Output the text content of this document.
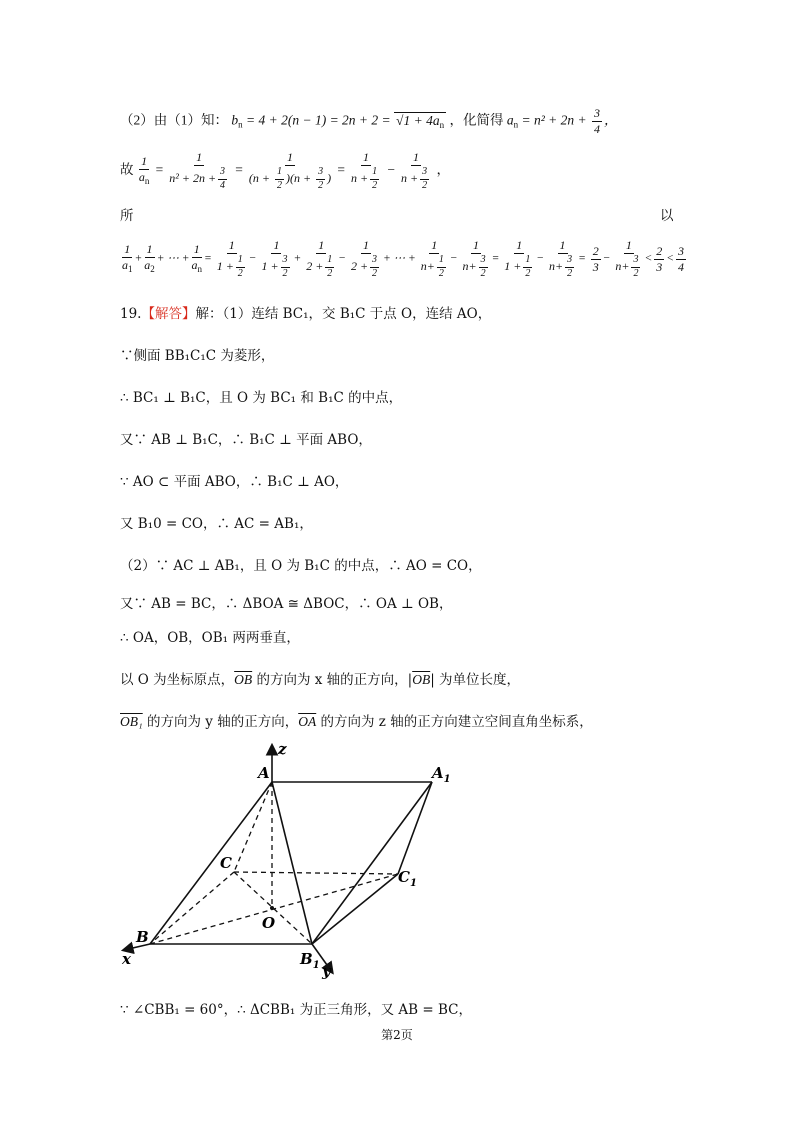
（2）由（1）知： $b_n = 4 + 2(n - 1) = 2n + 2 = √1 + 4a_n$ ，化简得 $a_n = n^2 + 2n + \frac{3}{4}$ ，
故 $\frac{1}{a_n} = \frac{1}{n^2 + 2n + \frac{3}{4}} = \frac{1}{(n + \frac{1}{2} )(n + \frac{3}{2} )} = \frac{1}{n + \frac{1}{2}} - \frac{1}{n + \frac{3}{2}}$ ，
所	以
$\frac{1}{a_1} + \frac{1}{a_2}$ + ⋯ + $\frac{1}{a_n} = \frac{1}{1 + \frac{1}{2}} - \frac{1}{1 + \frac{3}{2}} + \frac{1}{2 + \frac{1}{2}} - \frac{1}{2 + \frac{3}{2}}$ + ⋯ + $\frac{1}{n+ \frac{1}{2}} - \frac{1}{n+ \frac{3}{2}} = \frac{1}{1 + \frac{1}{2}} - \frac{1}{n+ \frac{3}{2}} = \frac{2}{3} - \frac{1}{n+ \frac{3}{2}} < \frac{2}{3} < \frac{3}{4}$
19.【解答】解：（1）连结 BC₁，交 B₁C 于点 O，连结 AO，
∵侧面 BB₁C₁C 为菱形，
∴ BC₁ ⊥ B₁C，且 O 为 BC₁ 和 B₁C 的中点，
又∵ AB ⊥ B₁C，∴ B₁C ⊥ 平面 ABO，
∵ AO ⊂ 平面 ABO，∴ B₁C ⊥ AO，
又 B₁0 = CO，∴ AC = AB₁，
（2）∵ AC ⊥ AB₁，且 O 为 B₁C 的中点，∴ AO = CO，
又∵ AB = BC，∴ ΔBOA ≅ ΔBOC，∴ OA ⊥ OB，
∴ OA，OB，OB₁ 两两垂直，
以 O 为坐标原点，$\overline{OB}$ 的方向为 x 轴的正方向，$|\overline{OB}|$ 为单位长度，
OB₁ 的方向为 y 轴的正方向，$\overline{OA}$ 的方向为 z 轴的正方向建立空间直角坐标系，
A	$A_1$
C
$C_1$
O
B
$B_1$
x
y
z
∵ ∠CBB₁ = 60°，∴ ΔCBB₁ 为正三角形，又 AB = BC，
第2页
